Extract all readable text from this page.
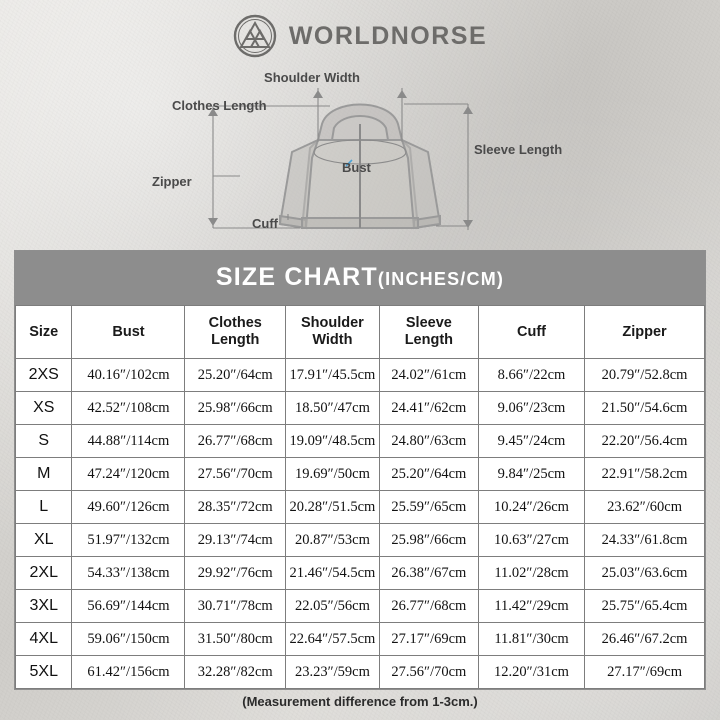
WORLDNORSE
Shoulder Width
Clothes Length
Sleeve Length
Bust
Zipper
Cuff
SIZE CHART(INCHES/CM)
Size	Bust	Clothes Length	Shoulder Width	Sleeve Length	Cuff	Zipper
2XS	40.16″/102cm	25.20″/64cm	17.91″/45.5cm	24.02″/61cm	8.66″/22cm	20.79″/52.8cm
XS	42.52″/108cm	25.98″/66cm	18.50″/47cm	24.41″/62cm	9.06″/23cm	21.50″/54.6cm
S	44.88″/114cm	26.77″/68cm	19.09″/48.5cm	24.80″/63cm	9.45″/24cm	22.20″/56.4cm
M	47.24″/120cm	27.56″/70cm	19.69″/50cm	25.20″/64cm	9.84″/25cm	22.91″/58.2cm
L	49.60″/126cm	28.35″/72cm	20.28″/51.5cm	25.59″/65cm	10.24″/26cm	23.62″/60cm
XL	51.97″/132cm	29.13″/74cm	20.87″/53cm	25.98″/66cm	10.63″/27cm	24.33″/61.8cm
2XL	54.33″/138cm	29.92″/76cm	21.46″/54.5cm	26.38″/67cm	11.02″/28cm	25.03″/63.6cm
3XL	56.69″/144cm	30.71″/78cm	22.05″/56cm	26.77″/68cm	11.42″/29cm	25.75″/65.4cm
4XL	59.06″/150cm	31.50″/80cm	22.64″/57.5cm	27.17″/69cm	11.81″/30cm	26.46″/67.2cm
5XL	61.42″/156cm	32.28″/82cm	23.23″/59cm	27.56″/70cm	12.20″/31cm	27.17″/69cm
(Measurement difference from 1-3cm.)
